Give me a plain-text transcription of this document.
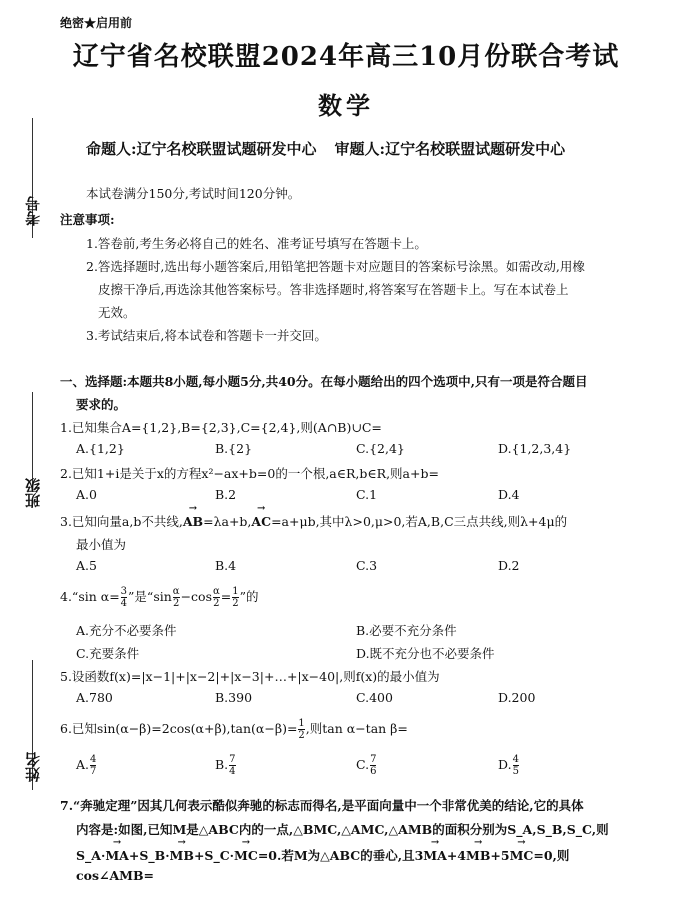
绝密★启用前
辽宁省名校联盟2024年高三10月份联合考试
数学
命题人:辽宁名校联盟试题研发中心 审题人:辽宁名校联盟试题研发中心
考号
班级
姓名
本试卷满分150分,考试时间120分钟。
注意事项:
1.答卷前,考生务必将自己的姓名、准考证号填写在答题卡上。
2.答选择题时,选出每小题答案后,用铅笔把答题卡对应题目的答案标号涂黑。如需改动,用橡
皮擦干净后,再选涂其他答案标号。答非选择题时,将答案写在答题卡上。写在本试卷上
无效。
3.考试结束后,将本试卷和答题卡一并交回。
一、选择题:本题共8小题,每小题5分,共40分。在每小题给出的四个选项中,只有一项是符合题目
要求的。
1.已知集合A={1,2},B={2,3},C={2,4},则(A∩B)∪C=
A.{1,2}	B.{2}	C.{2,4}	D.{1,2,3,4}
2.已知1+i是关于x的方程x²−ax+b=0的一个根,a∈R,b∈R,则a+b=
A.0	B.2	C.1	D.4
3.已知向量a,b不共线,→ AB=λa+b,→ AC=a+μb,其中λ>0,μ>0,若A,B,C三点共线,则λ+4μ的
最小值为
A.5	B.4	C.3	D.2
4.“sin $\alpha= \frac{3}{4}$ ”是“$\sin \frac{\alpha}{2} -\cos \frac{\alpha}{2} = \frac{1}{2}$ ”的
A.充分不必要条件	B.必要不充分条件
C.充要条件	D.既不充分也不必要条件
5.设函数f(x)=|x−1|+|x−2|+|x−3|+…+|x−40|,则f(x)的最小值为
A.780	B.390	C.400	D.200
6.已知$\sin(\alpha-\beta)=2\cos(\alpha+\beta),\tan(\alpha-\beta)= \frac{1}{2}$ ,则tan α−tan β=
A. $\frac{4}{7}$	B. $\frac{7}{4}$	C. $\frac{7}{6}$	D. $\frac{4}{5}$
7.“奔驰定理”因其几何表示酷似奔驰的标志而得名,是平面向量中一个非常优美的结论,它的具体
内容是:如图,已知M是△ABC内的一点,△BMC,△AMC,△AMB的面积分别为S_A,S_B,S_C,则
S_A·→ MA+S_B·→ MB+S_C·→ MC=0.若M为△ABC的垂心,且3→ MA+4→ MB+5→ MC=0,则
cos∠AMB=
